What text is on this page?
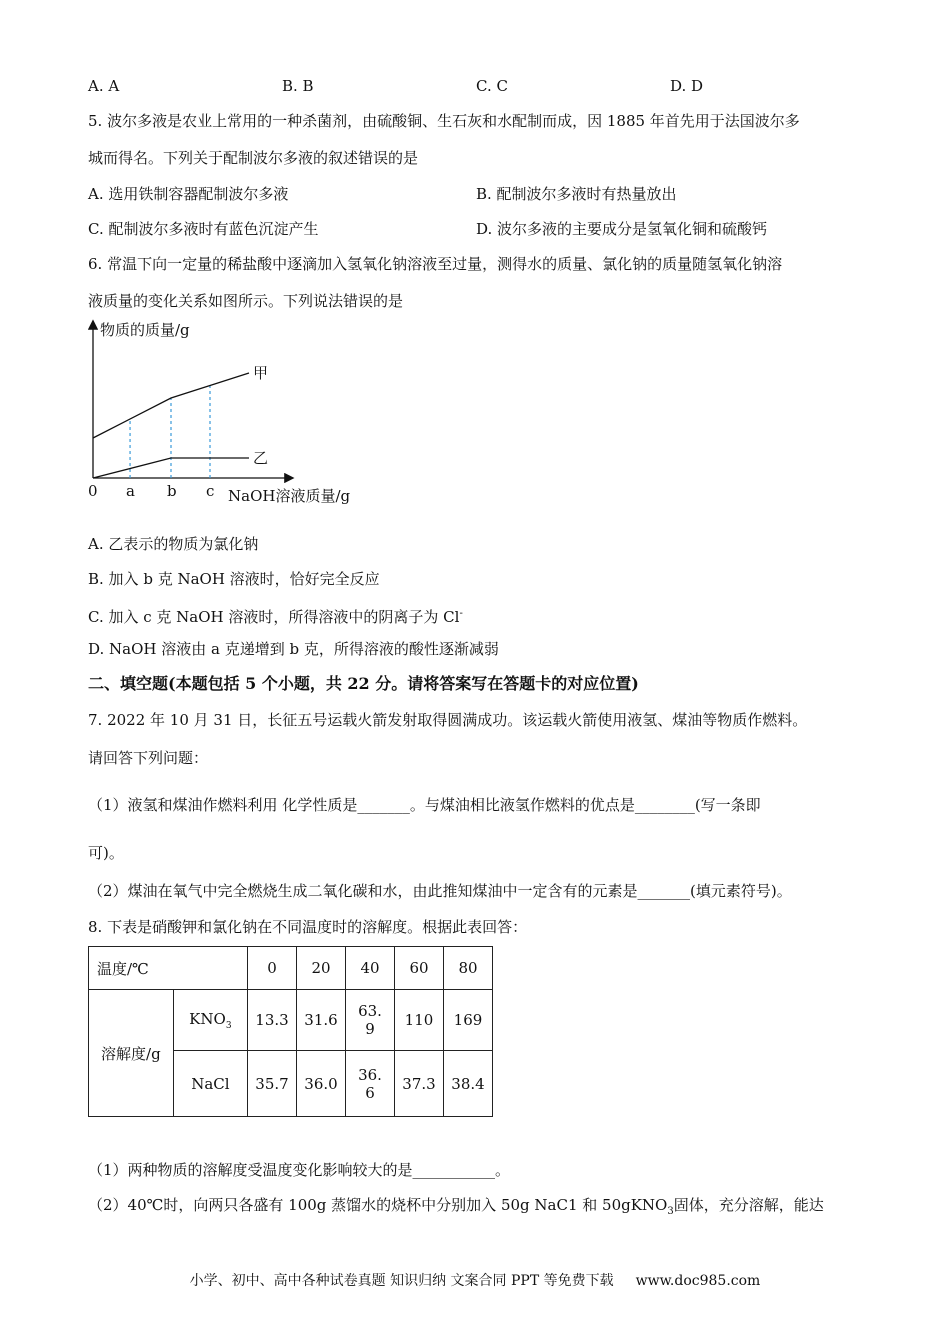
A. A	B. B	C. C	D. D
5. 波尔多液是农业上常用的一种杀菌剂，由硫酸铜、生石灰和水配制而成，因 1885 年首先用于法国波尔多
城而得名。下列关于配制波尔多液的叙述错误的是
A. 选用铁制容器配制波尔多液	B. 配制波尔多液时有热量放出
C. 配制波尔多液时有蓝色沉淀产生	D. 波尔多液的主要成分是氢氧化铜和硫酸钙
6. 常温下向一定量的稀盐酸中逐滴加入氢氧化钠溶液至过量，测得水的质量、氯化钠的质量随氢氧化钠溶
液质量的变化关系如图所示。下列说法错误的是
物质的质量/g
NaOH溶液质量/g
0 a b c
甲
乙
A. 乙表示的物质为氯化钠
B. 加入 b 克 NaOH 溶液时，恰好完全反应
C. 加入 c 克 NaOH 溶液时，所得溶液中的阴离子为 Cl-
D. NaOH 溶液由 a 克递增到 b 克，所得溶液的酸性逐渐减弱
二、填空题(本题包括 5 个小题，共 22 分。请将答案写在答题卡的对应位置)
7. 2022 年 10 月 31 日，长征五号运载火箭发射取得圆满成功。该运载火箭使用液氢、煤油等物质作燃料。
请回答下列问题：
（1）液氢和煤油作燃料利用 化学性质是_______。与煤油相比液氢作燃料的优点是________(写一条即
可)。
（2）煤油在氧气中完全燃烧生成二氧化碳和水，由此推知煤油中一定含有的元素是_______(填元素符号)。
8. 下表是硝酸钾和氯化钠在不同温度时的溶解度。根据此表回答：
温度/℃		0	20	40	60	80
溶解度/g	$KNO_3$	13.3	31.6	63.
9	110	169
	NaCl	35.7	36.0	36.
6	37.3	38.4
（1）两种物质的溶解度受温度变化影响较大的是___________。
（2）40℃时，向两只各盛有 100g 蒸馏水的烧杯中分别加入 50g NaC1 和 50gKNO$_3$固体，充分溶解，能达
小学、初中、高中各种试卷真题 知识归纳 文案合同 PPT 等免费下载 www.doc985.com
